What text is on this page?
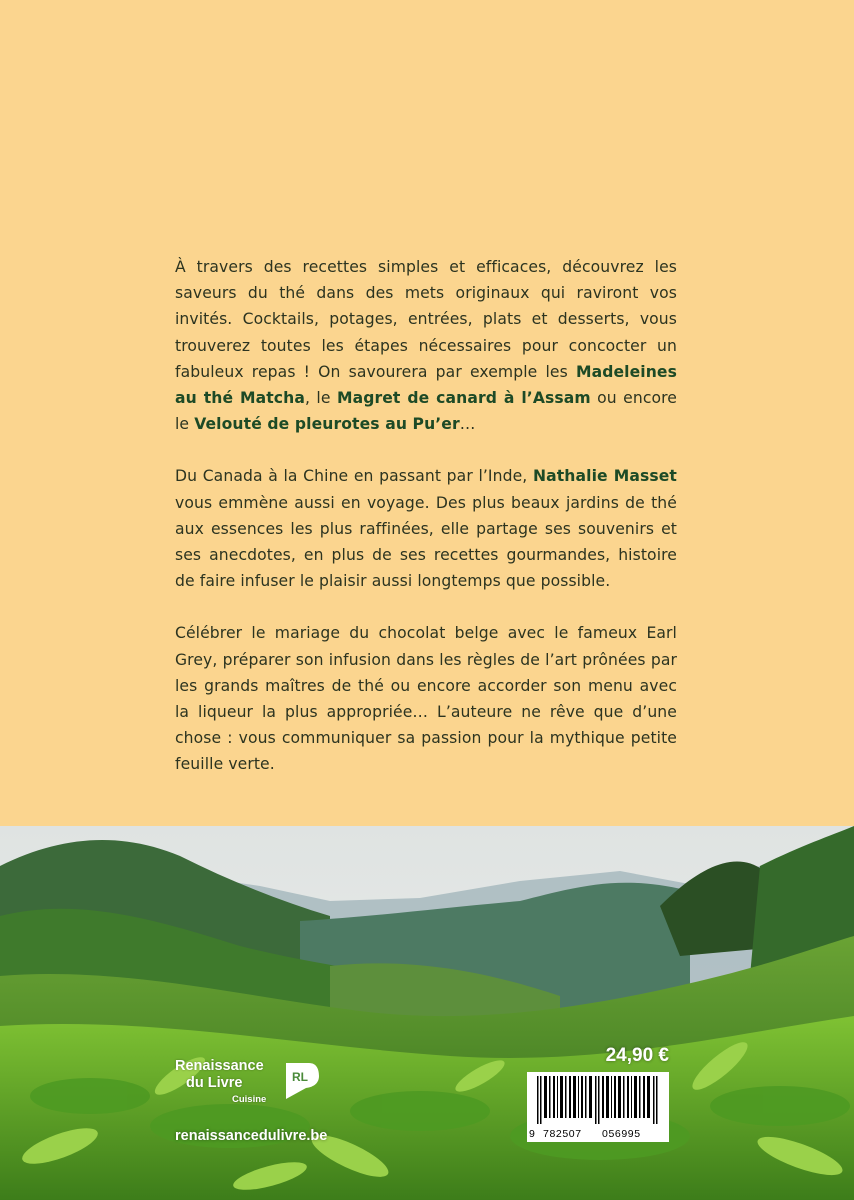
À travers des recettes simples et efficaces, découvrez les saveurs du thé dans des mets originaux qui raviront vos invités. Cocktails, potages, entrées, plats et desserts, vous trouverez toutes les étapes nécessaires pour concocter un fabuleux repas ! On savourera par exemple les Madeleines au thé Matcha, le Magret de canard à l’Assam ou encore le Velouté de pleurotes au Pu’er…

Du Canada à la Chine en passant par l’Inde, Nathalie Masset vous emmène aussi en voyage. Des plus beaux jardins de thé aux essences les plus raffinées, elle partage ses souvenirs et ses anecdotes, en plus de ses recettes gourmandes, histoire de faire infuser le plaisir aussi longtemps que possible.

Célébrer le mariage du chocolat belge avec le fameux Earl Grey, préparer son infusion dans les règles de l’art prônées par les grands maîtres de thé ou encore accorder son menu avec la liqueur la plus appropriée… L’auteure ne rêve que d’une chose : vous communiquer sa passion pour la mythique petite feuille verte.

Renaissance
du Livre
Cuisine
RL
renaissancedulivre.be
24,90 €
9 782507 056995
